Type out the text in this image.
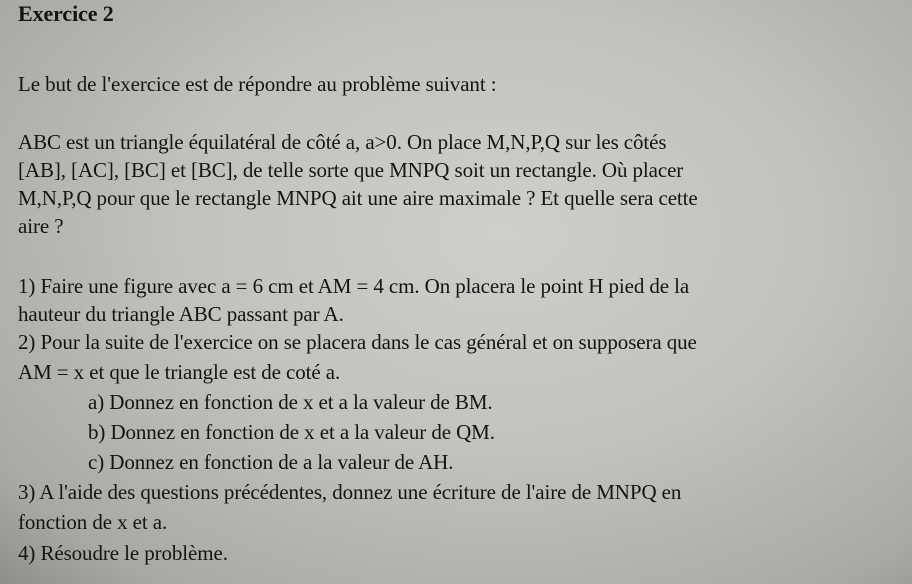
Exercice 2
Le but de l'exercice est de répondre au problème suivant :
ABC est un triangle équilatéral de côté a, a>0. On place M,N,P,Q sur les côtés
[AB], [AC], [BC] et [BC], de telle sorte que MNPQ soit un rectangle. Où placer
M,N,P,Q pour que le rectangle MNPQ ait une aire maximale ? Et quelle sera cette
aire ?
1) Faire une figure avec a = 6 cm et AM = 4 cm. On placera le point H pied de la
hauteur du triangle ABC passant par A.
2) Pour la suite de l'exercice on se placera dans le cas général et on supposera que
AM = x et que le triangle est de coté a.
a) Donnez en fonction de x et a la valeur de BM.
b) Donnez en fonction de x et a la valeur de QM.
c) Donnez en fonction de a la valeur de AH.
3) A l'aide des questions précédentes, donnez une écriture de l'aire de MNPQ en
fonction de x et a.
4) Résoudre le problème.
